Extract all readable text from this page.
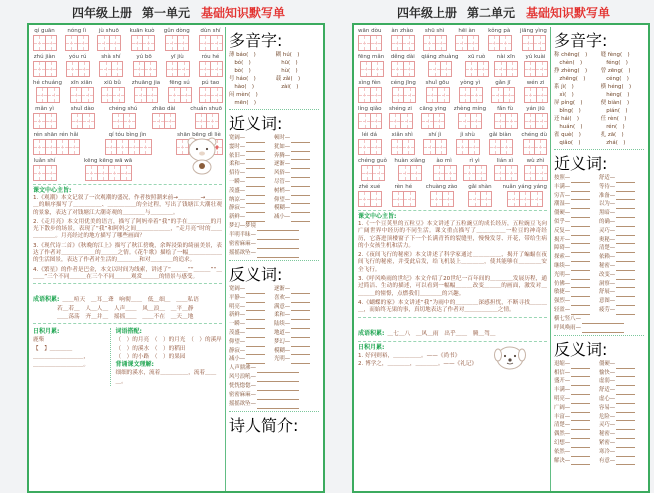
四年级上册 第一单元 基础知识默写单
qí guān nóng lì jù shuō kuān kuò gǔn dòng dùn shí
zhú jiàn yóu rú	shà shí	yú bō	yī jiù	róu hé
hé chuáng xīn xiān xiū bǔ zhuāng jia fēng sú pú tao
mǎn yì	shuǐ dào	chéng shú	zhāo dài	chuán shuō
rén shān rén hǎi	qí tóu bìng jìn	shān bēng dì liè
luǎn shí	kēng kēng wā wā
课文中心主旨:

1.《观潮》本文记叙了一次观潮的盛况，作者按照潮来前→＿＿＿＿→＿＿＿＿的顺序描写了＿＿＿＿＿、＿＿＿＿＿的全过程，写出了钱塘江大潮壮观的景象，表达了对钱塘江大潮奇观的＿＿＿＿与＿＿＿＿。

2.《走月亮》本文用优美的语言，描写了阿妈牵着“我”的手在＿＿＿＿的月光下散步的场景，表现了“我”和阿妈之间＿＿＿＿＿＿，“走月亮”时的＿＿＿＿＿＿。月亮经过的地方描写了哪些画面？

3.《现代诗二首》《秋晚的江上》描写了秋江傍晚，余晖浸染的绮丽美景，表达了作者对＿＿＿＿＿＿的＿＿＿之情。《花牛歌》描绘了一幅＿＿＿＿＿＿的生活图景，表达了作者对生活的＿＿＿＿和对＿＿＿＿的追求。

4.《繁星》的作者是巴金，本文以时间为线索，讲述了“＿＿＿”“＿＿＿”“＿＿＿”三个不同＿＿＿在三个不同＿＿＿观赏＿＿＿的情景与感受。

成语积累: ＿＿喧天　＿耳＿聋　响彻＿＿　低＿细＿　＿＿私语
若＿若＿　人＿人＿　人声＿＿　风＿浪＿　＿平＿静
＿＿荡荡　齐＿并＿　摇摇＿＿　＿＿不在　＿天＿地
日积月累:
鹿柴
【　】＿＿＿＿
＿＿＿＿＿＿＿＿＿，
＿＿＿＿＿＿＿＿＿。
词语搭配:
（　）的月亮　（　）的月光　（　）的溪岸
（　）的溪水　（　）的稻田
（　）的小路　（　）的果园
背诵课文理解:
细细的溪水，流着＿＿＿＿＿，流着＿＿＿。
多音字:
薄 báo(　)	糊 hú(　)
　bó(　)	　hū(　)
　bò(　)	　hù(　)
号 háo(　)	载 zǎi(　)
　hào(　)	　zài(　)
闷 mèn(　)
　mēn(　)
近义词:
宽阔—	顿时—
霎时—	犹如—
依旧—	奔腾—
柔和—	逐渐—
招待—	风俗—
一瞬—	尽管—
茂盛—	树梢—
纳凉—	仰望—
静寂—	模糊—
新鲜—	减小—
梦幻—梦境
半明半昧—
密密麻麻—
摇摇欲坠—
反义词:
宽阔—	逐渐—
平静—	喜欢—
明亮—	满意—
新鲜—	柔和—
一瞬—	陆续—
茂盛—	地道—
仰望—	梦幻—
静寂—	模糊—
减小—	光明—
人声鼎沸—
风号浪吼—
恍恍惚惚—
密密麻麻—
摇摇欲坠—
诗人简介:
四年级上册 第二单元 基础知识默写单
wān dòu àn zhào shū shì	hēi àn kǒng pà jiāng yìng
fēng mǎn děng dài qiáng zhuàng xū ruò nài xīn yú kuài
xìng fèn céng jīng shuǐ gōu yòng yì	gǎn jī	wén zi
líng qiǎo shéng zi cāng ying zhèng míng fǎn fù yán jiū
léi dá	xiǎn shì	shí jì	jì shù	gǎi biàn chéng dù
chéng guǒ huàn xiǎng ào mì	rì yì	lián xì wù zhì
zhé xué	rèn hé chuàng zào gǎi shàn nuǎn yáng yáng
课文中心主旨:

1.《一个豆荚里的五粒豆》本文讲述了五粒豌豆的成长经历，五粒豌豆飞向广阔世界中经历的不同生活。课文重点描写了＿＿＿＿＿一粒豆的神奇经历，它落进顶楼窗子下一个长满青苔的裂缝里，慢慢发芽、开花，带给生病的小女孩生机和活力。

2.《夜间飞行的秘密》本文讲述了科学家通过＿＿＿＿＿，揭开了蝙蝠在夜间飞行的秘密，并受此启发，给飞机装上＿＿＿＿，使其能够在＿＿＿＿安全飞行。

3.《呼风唤雨的世纪》本文介绍了20世纪一百年间的＿＿＿＿发展历程，通过简洁、生动的描述，可以看到一幅幅＿＿＿改变＿＿＿的画面，激发对＿＿＿＿的憧憬，点燃我们＿＿＿＿的兴趣。

4.《蝴蝶的家》本文讲述“我”为雨中的＿＿＿＿深感担忧，不断寻找＿＿＿＿，而始终无果的事，真切地表达了作者对＿＿＿＿＿＿之情。

成语积累: ＿七＿八　＿风＿雨　出乎＿＿　腾＿驾＿
日积月累:
1. 好问则裕，＿＿＿＿＿。——《尚书》
2. 博学之，＿＿＿＿，＿＿＿＿。——《礼记》
多音字:
称 chēng(　)	缝 fèng(　)
　chèn(　)	　féng(　)
挣 zhèng(　)	曾 zēng(　)
　zhēng(　)	　céng(　)
系 jì(　)	横 héng(　)
　xì(　)	　hèng(　)
屏 píng(　)	便 biàn(　)
　bǐng(　)	　pián(　)
还 hái(　)	任 rèn(　)
　huán(　)	　rén(　)
雀 què(　)	扎 zā(　)
　qiǎo(　)	　zhá(　)
近义词:
按照—	舒适—
丰满—	等待—
穷苦—	准备—
潮湿—	以为—
僵硬—	黑暗—
似乎—	的确—
反复—	灵巧—
揭开—	奥秘—
障碍—	清楚—
探索—	依赖—
继续—	秘密—
光明—	改变—
仿佛—	洞察—
敏捷—	舒展—
强烈—	意图—
轻盈—	疲劳—
横七竖八—
呼风唤雨—
反义词:
退缩—	僵硬—
相信—	愉快—
盛开—	虚弱—
丰满—	舒适—
明亮—	虚心—
广阔—	容易—
丰富—	危险—
清楚—	灵巧—
偶然—	秘密—
幻想—	紧密—
依然—	寒冷—
解决—	有意—
